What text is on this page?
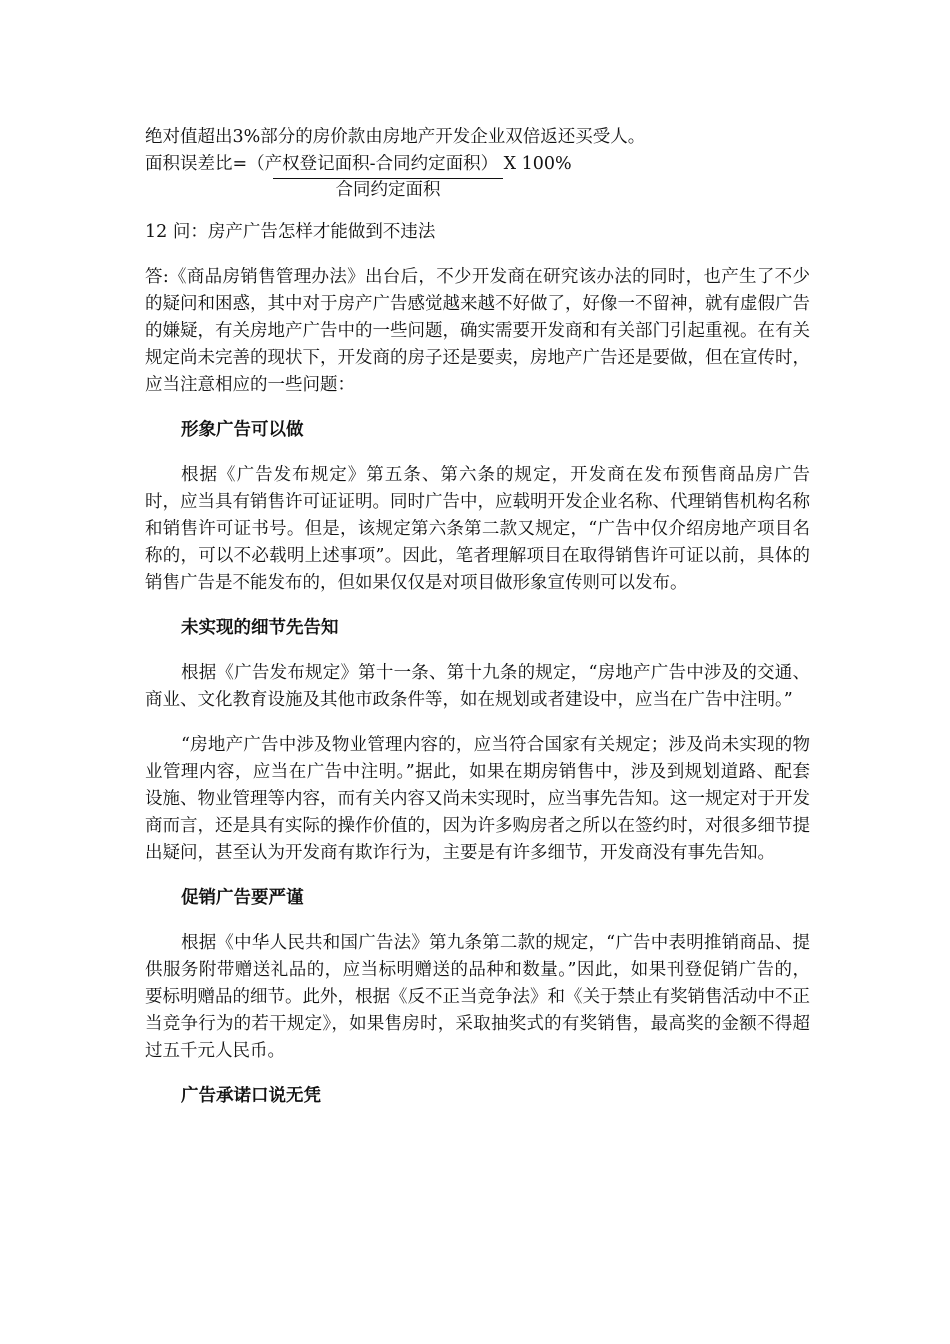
绝对值超出3%部分的房价款由房地产开发企业双倍返还买受人。

面积误差比=（产权登记面积-合同约定面积） X 100%

合同约定面积

12 问：房产广告怎样才能做到不违法

答:《商品房销售管理办法》出台后，不少开发商在研究该办法的同时，也产生了不少的疑问和困惑，其中对于房产广告感觉越来越不好做了，好像一不留神，就有虚假广告的嫌疑，有关房地产广告中的一些问题，确实需要开发商和有关部门引起重视。在有关规定尚未完善的现状下，开发商的房子还是要卖，房地产广告还是要做，但在宣传时，应当注意相应的一些问题：

形象广告可以做

根据《广告发布规定》第五条、第六条的规定，开发商在发布预售商品房广告时，应当具有销售许可证证明。同时广告中，应载明开发企业名称、代理销售机构名称和销售许可证书号。但是，该规定第六条第二款又规定，“广告中仅介绍房地产项目名称的，可以不必载明上述事项”。因此，笔者理解项目在取得销售许可证以前，具体的销售广告是不能发布的，但如果仅仅是对项目做形象宣传则可以发布。

未实现的细节先告知

根据《广告发布规定》第十一条、第十九条的规定，“房地产广告中涉及的交通、商业、文化教育设施及其他市政条件等，如在规划或者建设中，应当在广告中注明。”

“房地产广告中涉及物业管理内容的，应当符合国家有关规定；涉及尚未实现的物业管理内容，应当在广告中注明。”据此，如果在期房销售中，涉及到规划道路、配套设施、物业管理等内容，而有关内容又尚未实现时，应当事先告知。这一规定对于开发商而言，还是具有实际的操作价值的，因为许多购房者之所以在签约时，对很多细节提出疑问，甚至认为开发商有欺诈行为，主要是有许多细节，开发商没有事先告知。

促销广告要严谨

根据《中华人民共和国广告法》第九条第二款的规定，“广告中表明推销商品、提供服务附带赠送礼品的，应当标明赠送的品种和数量。”因此，如果刊登促销广告的，要标明赠品的细节。此外，根据《反不正当竞争法》和《关于禁止有奖销售活动中不正当竞争行为的若干规定》，如果售房时，采取抽奖式的有奖销售，最高奖的金额不得超过五千元人民币。

广告承诺口说无凭
